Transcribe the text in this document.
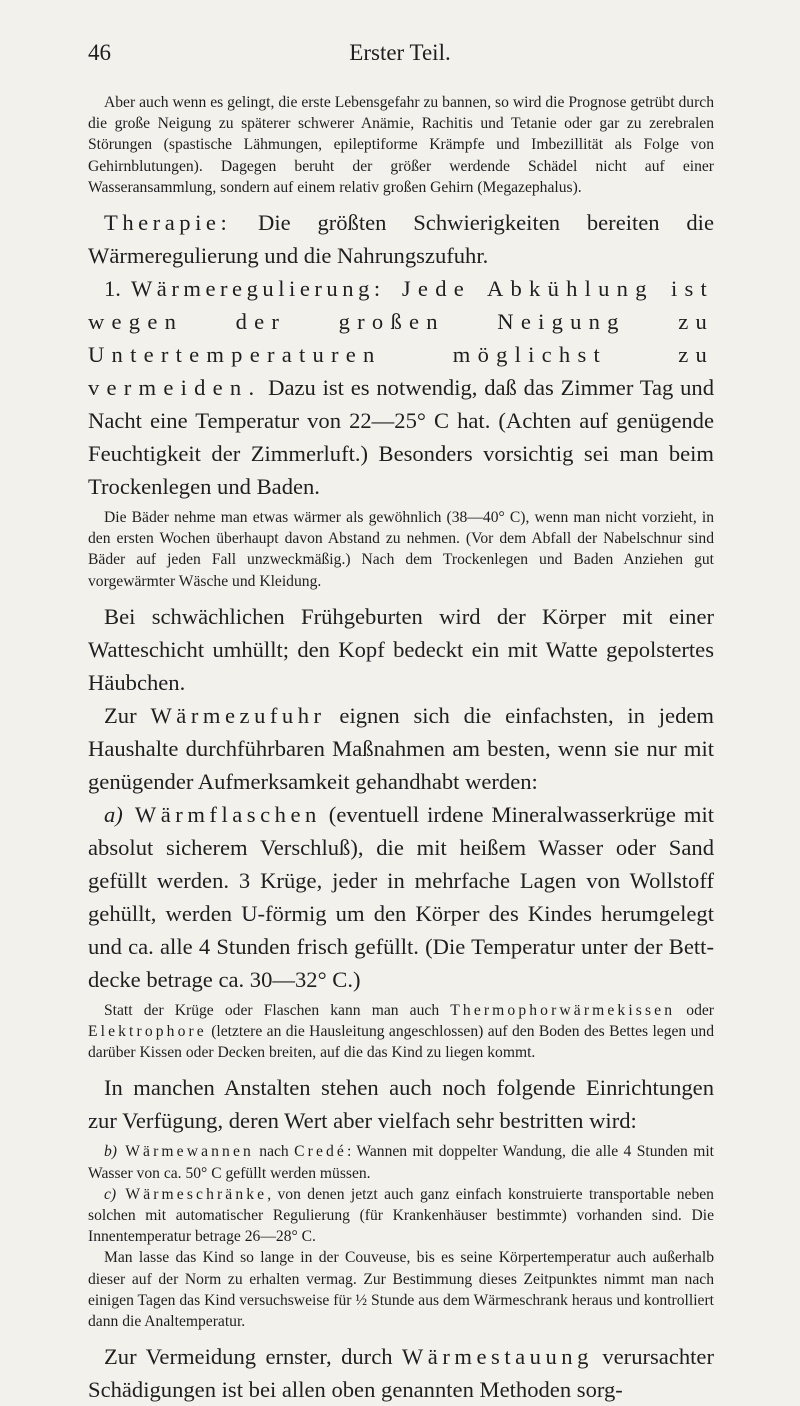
46	Erster Teil.

Aber auch wenn es gelingt, die erste Lebensgefahr zu bannen, so wird die Prognose getrübt durch die große Neigung zu späterer schwerer Anämie, Rachitis und Tetanie oder gar zu zerebralen Störungen (spastische Lähmungen, epileptiforme Krämpfe und Imbezillität als Folge von Gehirnblutungen). Dagegen beruht der größer werdende Schädel nicht auf einer Wasseransammlung, sondern auf einem relativ großen Gehirn (Megazephalus).

Therapie: Die größten Schwierigkeiten bereiten die Wärmeregulierung und die Nahrungszufuhr.

1. Wärmeregulierung: Jede Abkühlung ist wegen der großen Neigung zu Untertemperaturen möglichst zu vermeiden. Dazu ist es notwendig, daß das Zimmer Tag und Nacht eine Temperatur von 22—25° C hat. (Achten auf genügende Feuchtigkeit der Zimmerluft.) Besonders vorsichtig sei man beim Trockenlegen und Baden.

Die Bäder nehme man etwas wärmer als gewöhnlich (38—40° C), wenn man nicht vorzieht, in den ersten Wochen überhaupt davon Abstand zu nehmen. (Vor dem Abfall der Nabelschnur sind Bäder auf jeden Fall unzweckmäßig.) Nach dem Trockenlegen und Baden Anziehen gut vorgewärmter Wäsche und Kleidung.

Bei schwächlichen Frühgeburten wird der Körper mit einer Watteschicht umhüllt; den Kopf bedeckt ein mit Watte gepolstertes Häubchen.

Zur Wärmezufuhr eignen sich die einfachsten, in jedem Haushalte durchführbaren Maßnahmen am besten, wenn sie nur mit genügender Aufmerksamkeit gehandhabt werden:

a) Wärmflaschen (eventuell irdene Mineralwasserkrüge mit absolut sicherem Verschluß), die mit heißem Wasser oder Sand gefüllt werden. 3 Krüge, jeder in mehrfache Lagen von Wollstoff gehüllt, werden U-förmig um den Körper des Kindes herumgelegt und ca. alle 4 Stunden frisch gefüllt. (Die Temperatur unter der Bettdecke betrage ca. 30—32° C.)

Statt der Krüge oder Flaschen kann man auch Thermophorwärmekissen oder Elektrophore (letztere an die Hausleitung angeschlossen) auf den Boden des Bettes legen und darüber Kissen oder Decken breiten, auf die das Kind zu liegen kommt.

In manchen Anstalten stehen auch noch folgende Einrichtungen zur Verfügung, deren Wert aber vielfach sehr bestritten wird:

b) Wärmewannen nach Credé: Wannen mit doppelter Wandung, die alle 4 Stunden mit Wasser von ca. 50° C gefüllt werden müssen.

c) Wärmeschränke, von denen jetzt auch ganz einfach konstruierte transportable neben solchen mit automatischer Regulierung (für Krankenhäuser bestimmte) vorhanden sind. Die Innentemperatur betrage 26—28° C.

Man lasse das Kind so lange in der Couveuse, bis es seine Körpertemperatur auch außerhalb dieser auf der Norm zu erhalten vermag. Zur Bestimmung dieses Zeitpunktes nimmt man nach einigen Tagen das Kind versuchsweise für ½ Stunde aus dem Wärmeschrank heraus und kontrolliert dann die Analtemperatur.

Zur Vermeidung ernster, durch Wärmestauung verursachter Schädigungen ist bei allen oben genannten Methoden sorg-
